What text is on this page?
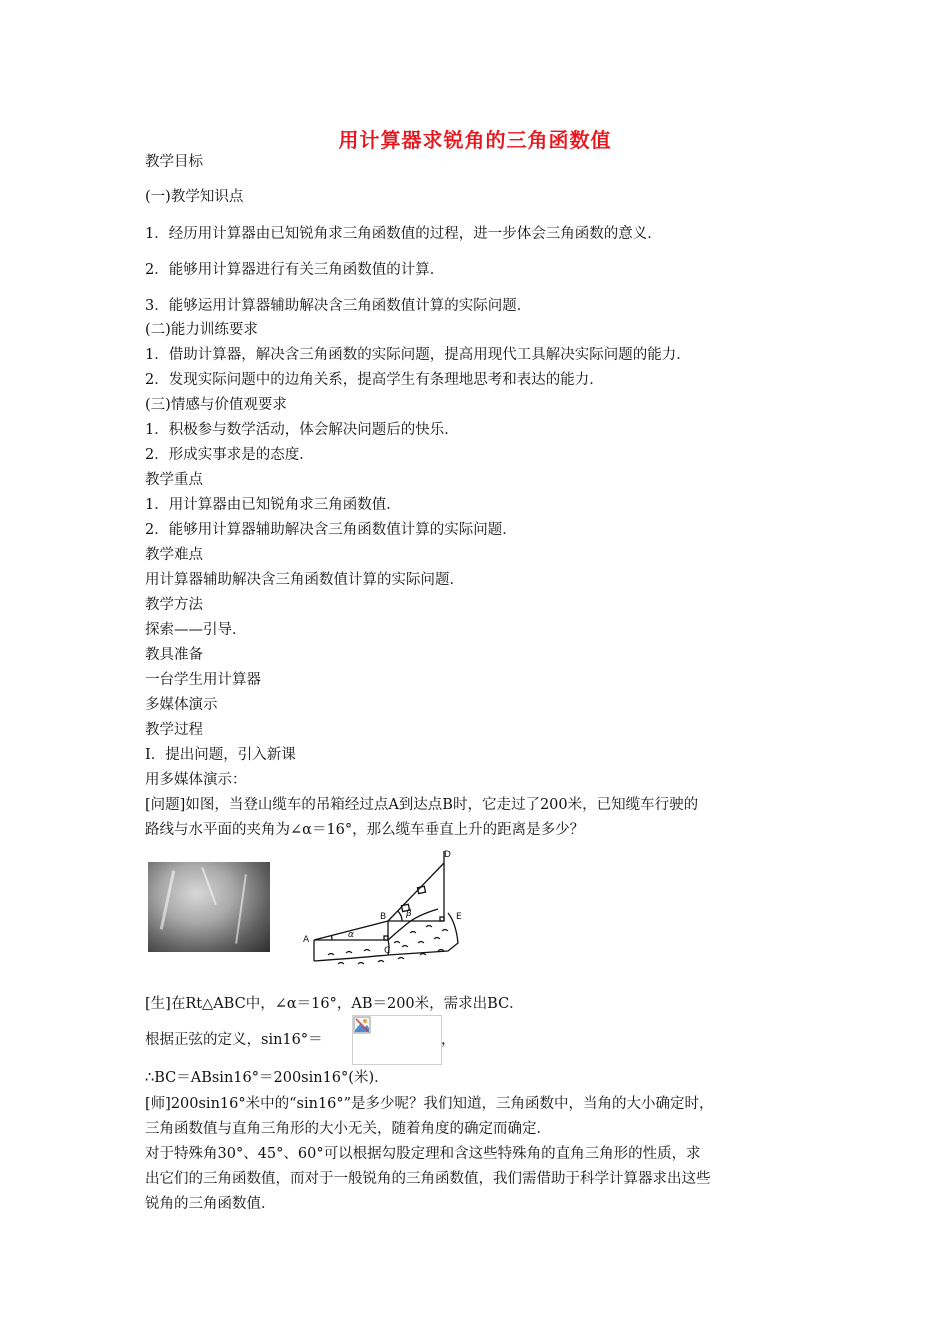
用计算器求锐角的三角函数值
教学目标
(一)教学知识点
1．经历用计算器由已知锐角求三角函数值的过程，进一步体会三角函数的意义．
2．能够用计算器进行有关三角函数值的计算．
3．能够运用计算器辅助解决含三角函数值计算的实际问题．
(二)能力训练要求
1．借助计算器，解决含三角函数的实际问题，提高用现代工具解决实际问题的能力．
2．发现实际问题中的边角关系，提高学生有条理地思考和表达的能力．
(三)情感与价值观要求
1．积极参与数学活动，体会解决问题后的快乐．
2．形成实事求是的态度．
教学重点
1．用计算器由已知锐角求三角函数值．
2．能够用计算器辅助解决含三角函数值计算的实际问题．
教学难点
用计算器辅助解决含三角函数值计算的实际问题．
教学方法
探索——引导．
教具准备
一台学生用计算器
多媒体演示
教学过程
Ⅰ．提出问题，引入新课
用多媒体演示：
[问题]如图，当登山缆车的吊箱经过点A到达点B时，它走过了200米，已知缆车行驶的
路线与水平面的夹角为∠α＝16°，那么缆车垂直上升的距离是多少？
A
B
C
D
E
α
β
[生]在Rt△ABC中，∠α＝16°，AB＝200米，需求出BC．
根据正弦的定义，sin16°＝	，
∴BC＝ABsin16°＝200sin16°(米)．
[师]200sin16°米中的“sin16°”是多少呢？我们知道，三角函数中，当角的大小确定时，
三角函数值与直角三角形的大小无关，随着角度的确定而确定．
对于特殊角30°、45°、60°可以根据勾股定理和含这些特殊角的直角三角形的性质，求
出它们的三角函数值，而对于一般锐角的三角函数值，我们需借助于科学计算器求出这些
锐角的三角函数值．
